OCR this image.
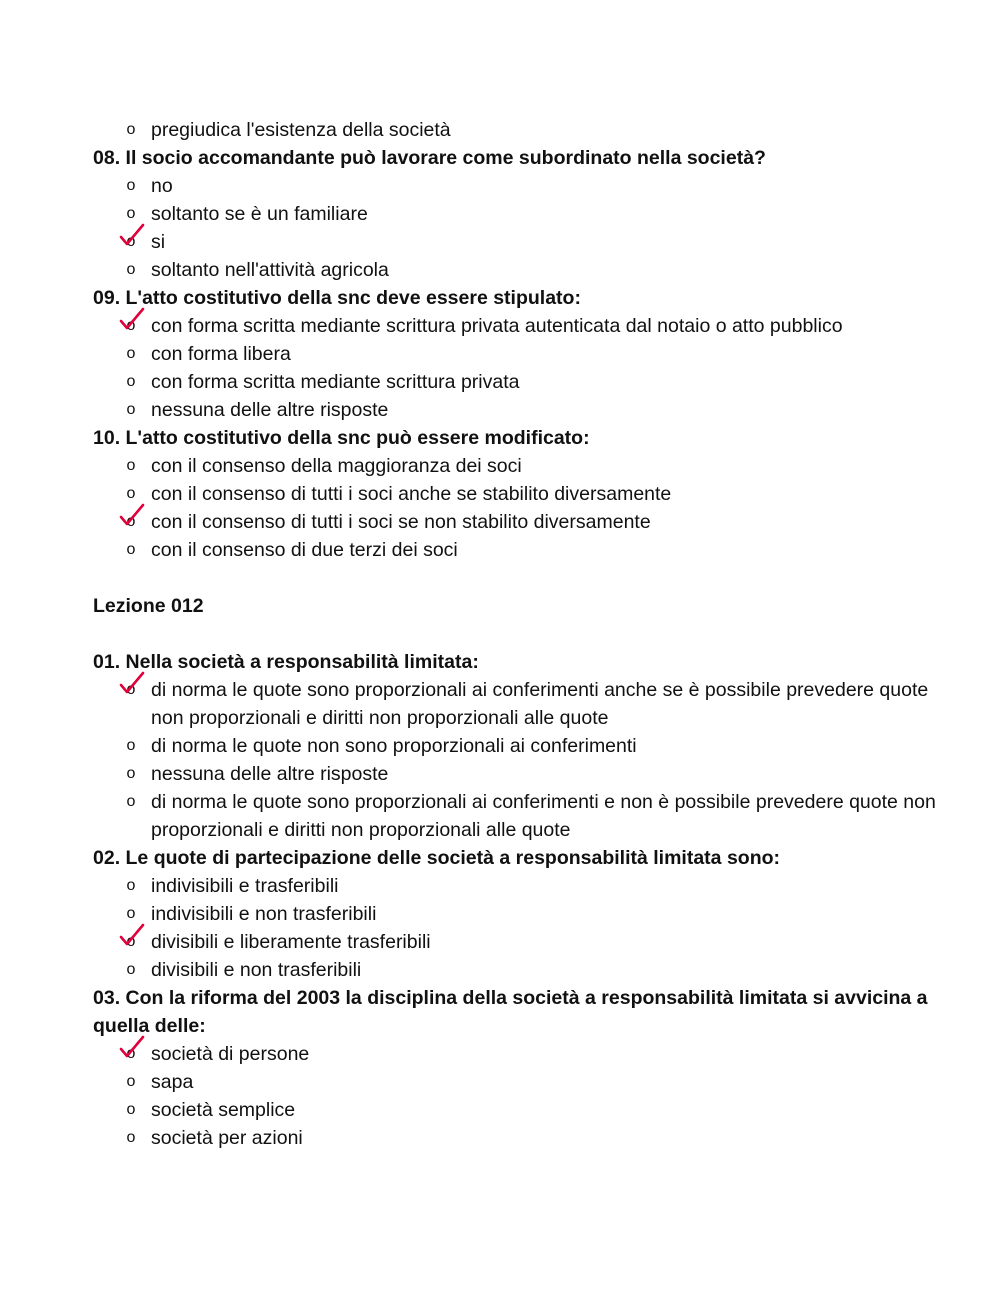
o pregiudica l'esistenza della società

08. Il socio accomandante può lavorare come subordinato nella società?

o no
o soltanto se è un familiare
o si
o soltanto nell'attività agricola

09. L'atto costitutivo della snc deve essere stipulato:

o con forma scritta mediante scrittura privata autenticata dal notaio o atto pubblico
o con forma libera
o con forma scritta mediante scrittura privata
o nessuna delle altre risposte

10. L'atto costitutivo della snc può essere modificato:

o con il consenso della maggioranza dei soci
o con il consenso di tutti i soci anche se stabilito diversamente
o con il consenso di tutti i soci se non stabilito diversamente
o con il consenso di due terzi dei soci

Lezione 012

01. Nella società a responsabilità limitata:

o di norma le quote sono proporzionali ai conferimenti anche se è possibile prevedere quote non proporzionali e diritti non proporzionali alle quote
o di norma le quote non sono proporzionali ai conferimenti
o nessuna delle altre risposte
o di norma le quote sono proporzionali ai conferimenti e non è possibile prevedere quote non proporzionali e diritti non proporzionali alle quote

02. Le quote di partecipazione delle società a responsabilità limitata sono:

o indivisibili e trasferibili
o indivisibili e non trasferibili
o divisibili e liberamente trasferibili
o divisibili e non trasferibili

03. Con la riforma del 2003 la disciplina della società a responsabilità limitata si avvicina a quella delle:

o società di persone
o sapa
o società semplice
o società per azioni
